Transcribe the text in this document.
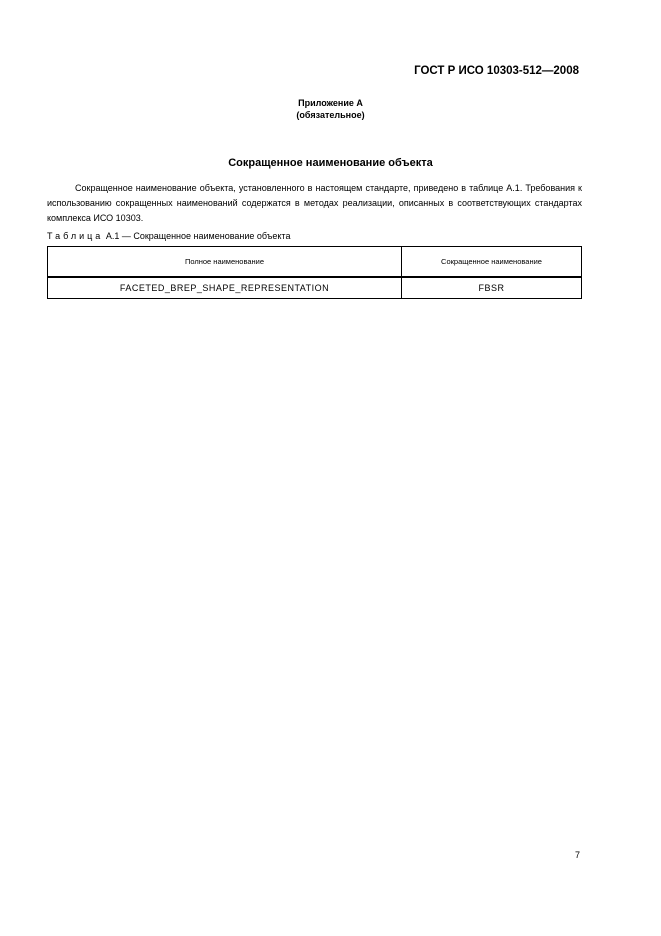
ГОСТ Р ИСО 10303-512—2008
Приложение А
(обязательное)
Сокращенное наименование объекта
Сокращенное наименование объекта, установленного в настоящем стандарте, приведено в таблице А.1. Требования к использованию сокращенных наименований содержатся в методах реализации, описанных в соответствующих стандартах комплекса ИСО 10303.
Таблица А.1 — Сокращенное наименование объекта
Полное наименование	Сокращенное наименование
FACETED_BREP_SHAPE_REPRESENTATION	FBSR
7
